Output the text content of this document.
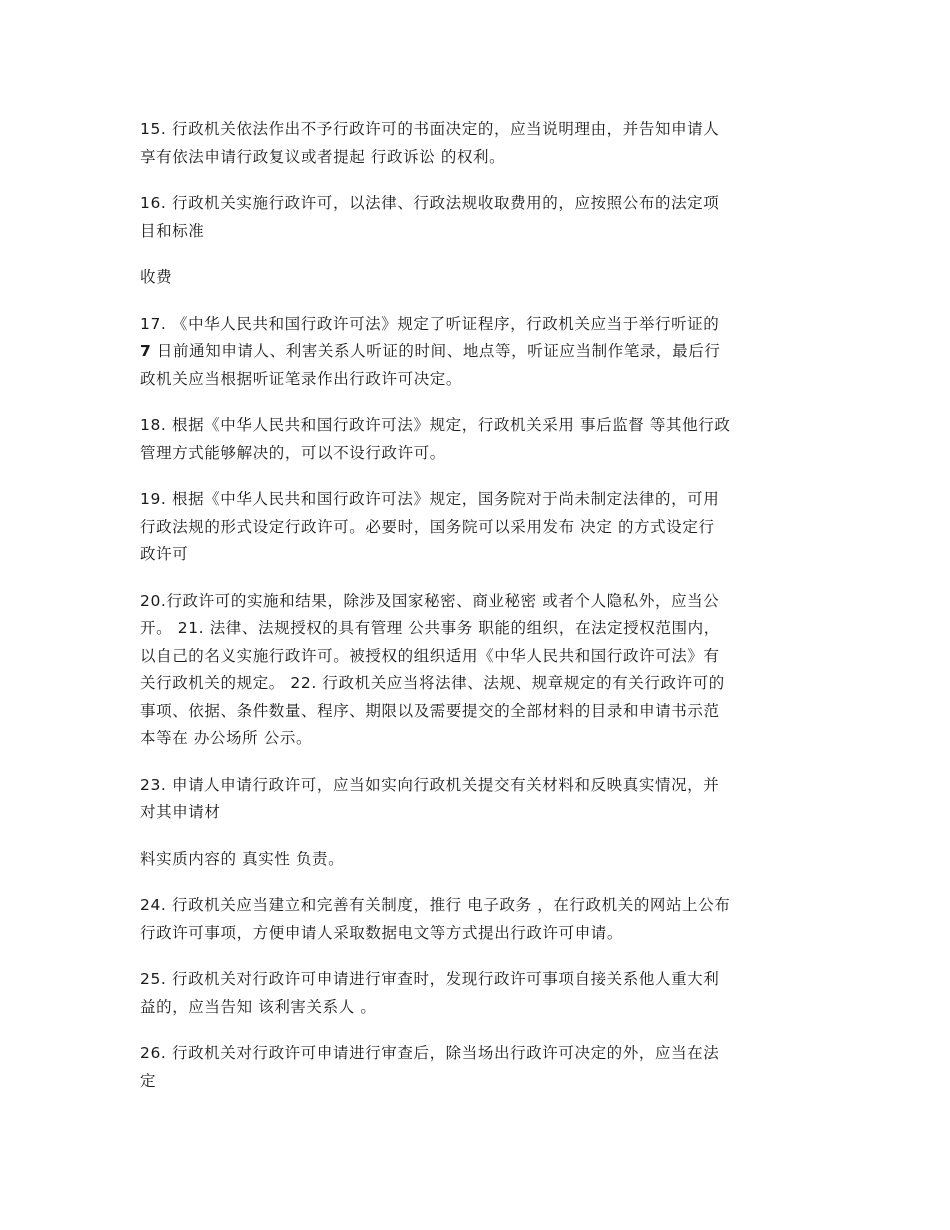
15. 行政机关依法作出不予行政许可的书面决定的，应当说明理由，并告知申请人
享有依法申请行政复议或者提起 行政诉讼 的权利。

16. 行政机关实施行政许可，以法律、行政法规收取费用的，应按照公布的法定项
目和标准

收费

17. 《中华人民共和国行政许可法》规定了听证程序，行政机关应当于举行听证的
7 日前通知申请人、利害关系人听证的时间、地点等，听证应当制作笔录，最后行
政机关应当根据听证笔录作出行政许可决定。

18. 根据《中华人民共和国行政许可法》规定，行政机关采用 事后监督 等其他行政
管理方式能够解决的，可以不设行政许可。

19. 根据《中华人民共和国行政许可法》规定，国务院对于尚未制定法律的，可用
行政法规的形式设定行政许可。必要时，国务院可以采用发布 决定 的方式设定行
政许可

20.行政许可的实施和结果，除涉及国家秘密、商业秘密 或者个人隐私外，应当公
开。 21. 法律、法规授权的具有管理 公共事务 职能的组织，在法定授权范围内，
以自己的名义实施行政许可。被授权的组织适用《中华人民共和国行政许可法》有
关行政机关的规定。 22. 行政机关应当将法律、法规、规章规定的有关行政许可的
事项、依据、条件数量、程序、期限以及需要提交的全部材料的目录和申请书示范
本等在 办公场所 公示。

23. 申请人申请行政许可，应当如实向行政机关提交有关材料和反映真实情况，并
对其申请材

料实质内容的 真实性 负责。

24. 行政机关应当建立和完善有关制度，推行 电子政务 ，在行政机关的网站上公布
行政许可事项，方便申请人采取数据电文等方式提出行政许可申请。

25. 行政机关对行政许可申请进行审查时，发现行政许可事项自接关系他人重大利
益的，应当告知 该利害关系人 。

26. 行政机关对行政许可申请进行审查后，除当场出行政许可决定的外，应当在法
定
